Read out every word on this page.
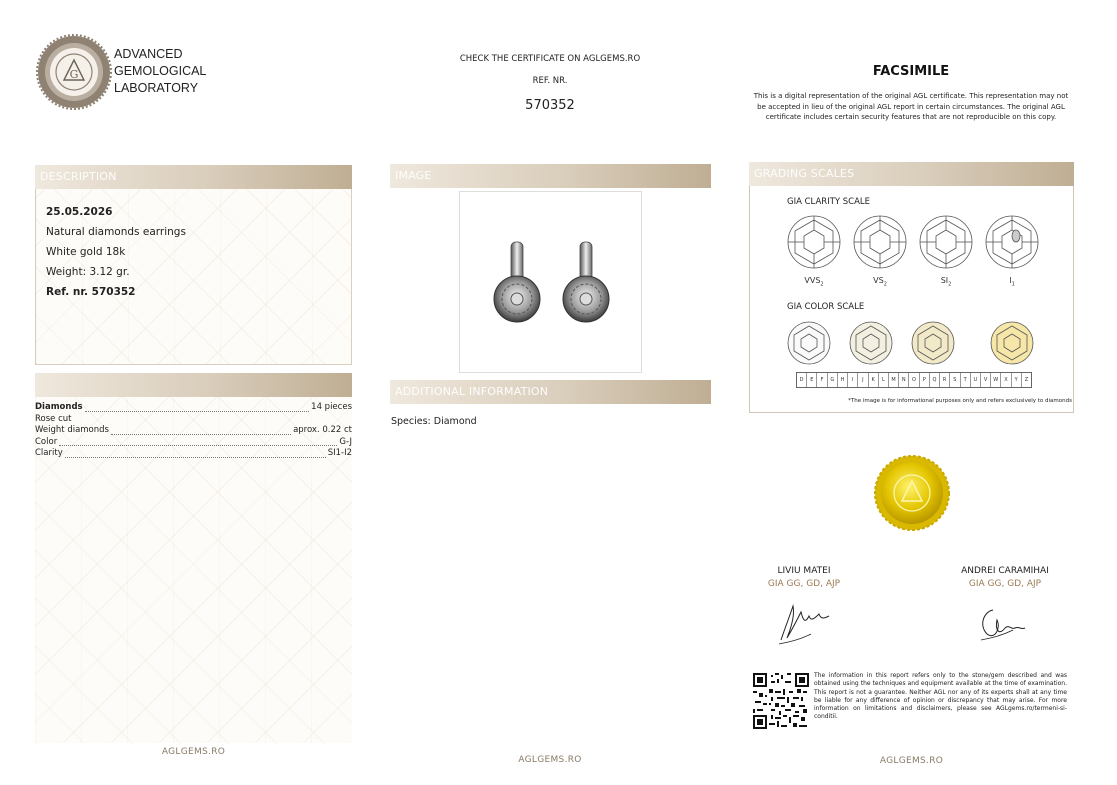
G
ADVANCED
GEMOLOGICAL
LABORATORY
CHECK THE CERTIFICATE ON AGLGEMS.RO
REF. NR.
570352
FACSIMILE
This is a digital representation of the original AGL certificate. This representation may not be accepted in lieu of the original AGL report in certain circumstances. The original AGL certificate includes certain security features that are not reproducible on this copy.
DESCRIPTION
25.05.2026
Natural diamonds earrings
White gold 18k
Weight: 3.12 gr.
Ref. nr. 570352
Diamonds	14 pieces
Rose cut
Weight diamonds	aprox. 0.22 ct
Color	G-J
Clarity	SI1-I2
AGLGEMS.RO
IMAGE
ADDITIONAL INFORMATION
Species: Diamond
AGLGEMS.RO
GRADING SCALES
GIA CLARITY SCALE
$VVS_2$	$VS_2$	$SI_2$	$I_1$
GIA COLOR SCALE
D	E	F	G	H	I	J	K	L	M	N	O	P	Q	R	S	T	U	V	W	X	Y	Z
*The image is for informational purposes only and refers exclusively to diamonds
LIVIU MATEI
GIA GG, GD, AJP
ANDREI CARAMIHAI
GIA GG, GD, AJP
The information in this report refers only to the stone/gem described and was obtained using the techniques and equipment available at the time of examination. This report is not a guarantee. Neither AGL nor any of its experts shall at any time be liable for any difference of opinion or discrepancy that may arise. For more information on limitations and disclaimers, please see AGLgems.ro/termeni-si-conditii.
AGLGEMS.RO
